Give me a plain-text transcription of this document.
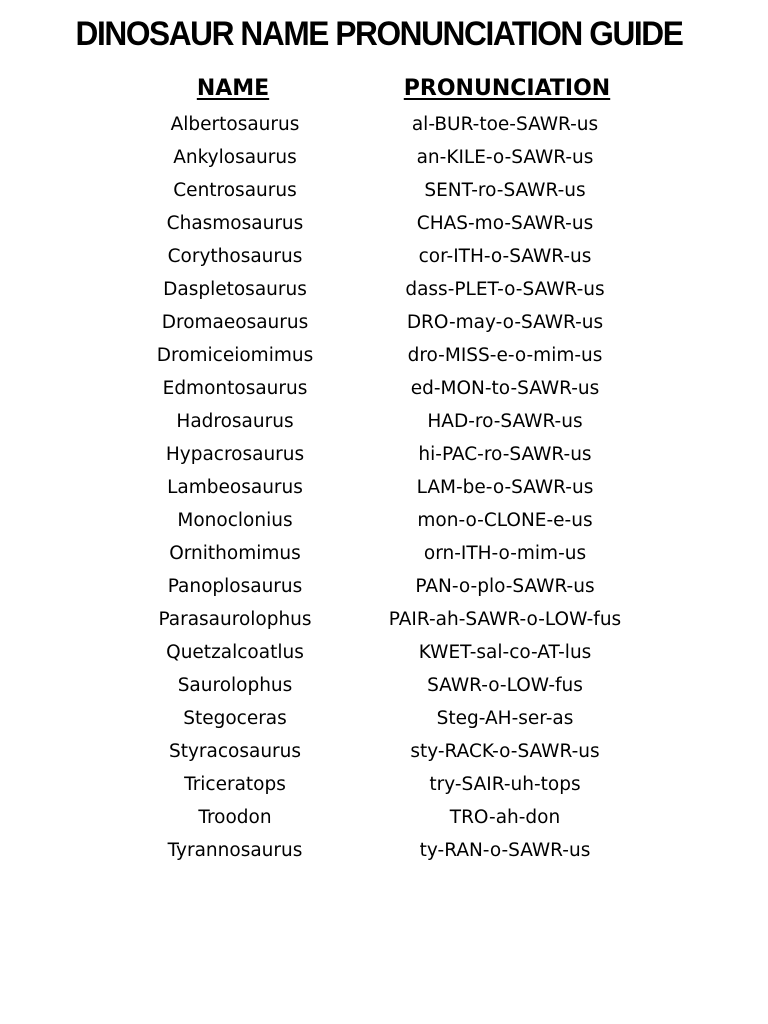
DINOSAUR NAME PRONUNCIATION GUIDE
NAME	PRONUNCIATION
Albertosaurus	al-BUR-toe-SAWR-us
Ankylosaurus	an-KILE-o-SAWR-us
Centrosaurus	SENT-ro-SAWR-us
Chasmosaurus	CHAS-mo-SAWR-us
Corythosaurus	cor-ITH-o-SAWR-us
Daspletosaurus	dass-PLET-o-SAWR-us
Dromaeosaurus	DRO-may-o-SAWR-us
Dromiceiomimus	dro-MISS-e-o-mim-us
Edmontosaurus	ed-MON-to-SAWR-us
Hadrosaurus	HAD-ro-SAWR-us
Hypacrosaurus	hi-PAC-ro-SAWR-us
Lambeosaurus	LAM-be-o-SAWR-us
Monoclonius	mon-o-CLONE-e-us
Ornithomimus	orn-ITH-o-mim-us
Panoplosaurus	PAN-o-plo-SAWR-us
Parasaurolophus	PAIR-ah-SAWR-o-LOW-fus
Quetzalcoatlus	KWET-sal-co-AT-lus
Saurolophus	SAWR-o-LOW-fus
Stegoceras	Steg-AH-ser-as
Styracosaurus	sty-RACK-o-SAWR-us
Triceratops	try-SAIR-uh-tops
Troodon	TRO-ah-don
Tyrannosaurus	ty-RAN-o-SAWR-us
